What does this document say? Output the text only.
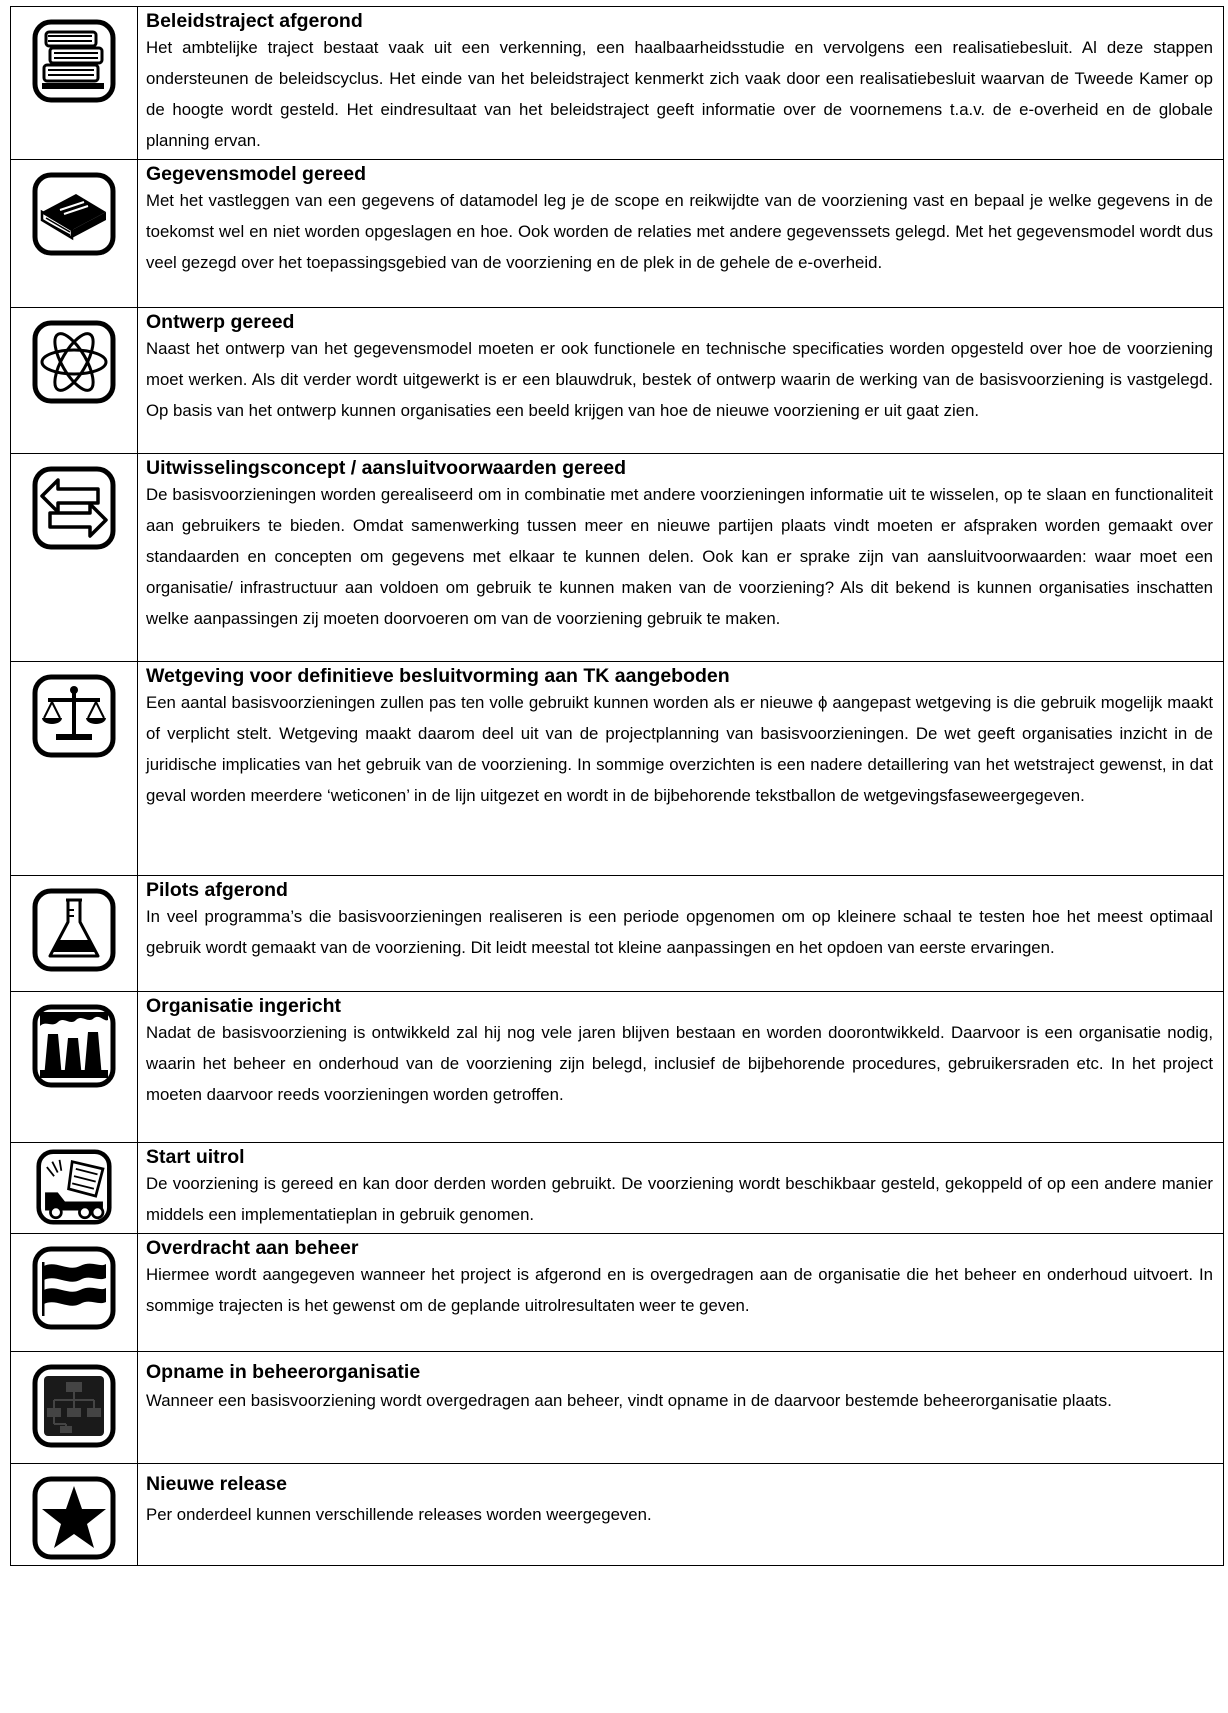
Beleidstraject afgerond

Het ambtelijke traject bestaat vaak uit een verkenning, een haalbaarheidsstudie en vervolgens een realisatiebesluit. Al deze stappen ondersteunen de beleidscyclus. Het einde van het beleidstraject kenmerkt zich vaak door een realisatiebesluit waarvan de Tweede Kamer op de hoogte wordt gesteld. Het eindresultaat van het beleidstraject geeft informatie over de voornemens t.a.v. de e-overheid en de globale planning ervan.

Gegevensmodel gereed

Met het vastleggen van een gegevens of datamodel leg je de scope en reikwijdte van de voorziening vast en bepaal je welke gegevens in de toekomst wel en niet worden opgeslagen en hoe. Ook worden de relaties met andere gegevenssets gelegd. Met het gegevensmodel wordt dus veel gezegd over het toepassingsgebied van de voorziening en de plek in de gehele de e-overheid.

Ontwerp gereed

Naast het ontwerp van het gegevensmodel moeten er ook functionele en technische specificaties worden opgesteld over hoe de voorziening moet werken. Als dit verder wordt uitgewerkt is er een blauwdruk, bestek of ontwerp waarin de werking van de basisvoorziening is vastgelegd. Op basis van het ontwerp kunnen organisaties een beeld krijgen van hoe de nieuwe voorziening er uit gaat zien.

Uitwisselingsconcept / aansluitvoorwaarden gereed

De basisvoorzieningen worden gerealiseerd om in combinatie met andere voorzieningen informatie uit te wisselen, op te slaan en functionaliteit aan gebruikers te bieden. Omdat samenwerking tussen meer en nieuwe partijen plaats vindt moeten er afspraken worden gemaakt over standaarden en concepten om gegevens met elkaar te kunnen delen. Ook kan er sprake zijn van aansluitvoorwaarden: waar moet een organisatie/ infrastructuur aan voldoen om gebruik te kunnen maken van de voorziening? Als dit bekend is kunnen organisaties inschatten welke aanpassingen zij moeten doorvoeren om van de voorziening gebruik te maken.

Wetgeving voor definitieve besluitvorming aan TK aangeboden

Een aantal basisvoorzieningen zullen pas ten volle gebruikt kunnen worden als er nieuwe ϕ aangepast wetgeving is die gebruik mogelijk maakt of verplicht stelt. Wetgeving maakt daarom deel uit van de projectplanning van basisvoorzieningen. De wet geeft organisaties inzicht in de juridische implicaties van het gebruik van de voorziening. In sommige overzichten is een nadere detaillering van het wetstraject gewenst, in dat geval worden meerdere ‘weticonen’ in de lijn uitgezet en wordt in de bijbehorende tekstballon de wetgevingsfaseweergegeven.

Pilots afgerond

In veel programma’s die basisvoorzieningen realiseren is een periode opgenomen om op kleinere schaal te testen hoe het meest optimaal gebruik wordt gemaakt van de voorziening. Dit leidt meestal tot kleine aanpassingen en het opdoen van eerste ervaringen.

Organisatie ingericht

Nadat de basisvoorziening is ontwikkeld zal hij nog vele jaren blijven bestaan en worden doorontwikkeld. Daarvoor is een organisatie nodig, waarin het beheer en onderhoud van de voorziening zijn belegd, inclusief de bijbehorende procedures, gebruikersraden etc. In het project moeten daarvoor reeds voorzieningen worden getroffen.

Start uitrol

De voorziening is gereed en kan door derden worden gebruikt. De voorziening wordt beschikbaar gesteld, gekoppeld of op een andere manier middels een implementatieplan in gebruik genomen.

Overdracht aan beheer

Hiermee wordt aangegeven wanneer het project is afgerond en is overgedragen aan de organisatie die het beheer en onderhoud uitvoert. In sommige trajecten is het gewenst om de geplande uitrolresultaten weer te geven.

Opname in beheerorganisatie

Wanneer een basisvoorziening wordt overgedragen aan beheer, vindt opname in de daarvoor bestemde beheerorganisatie plaats.

Nieuwe release

Per onderdeel kunnen verschillende releases worden weergegeven.
